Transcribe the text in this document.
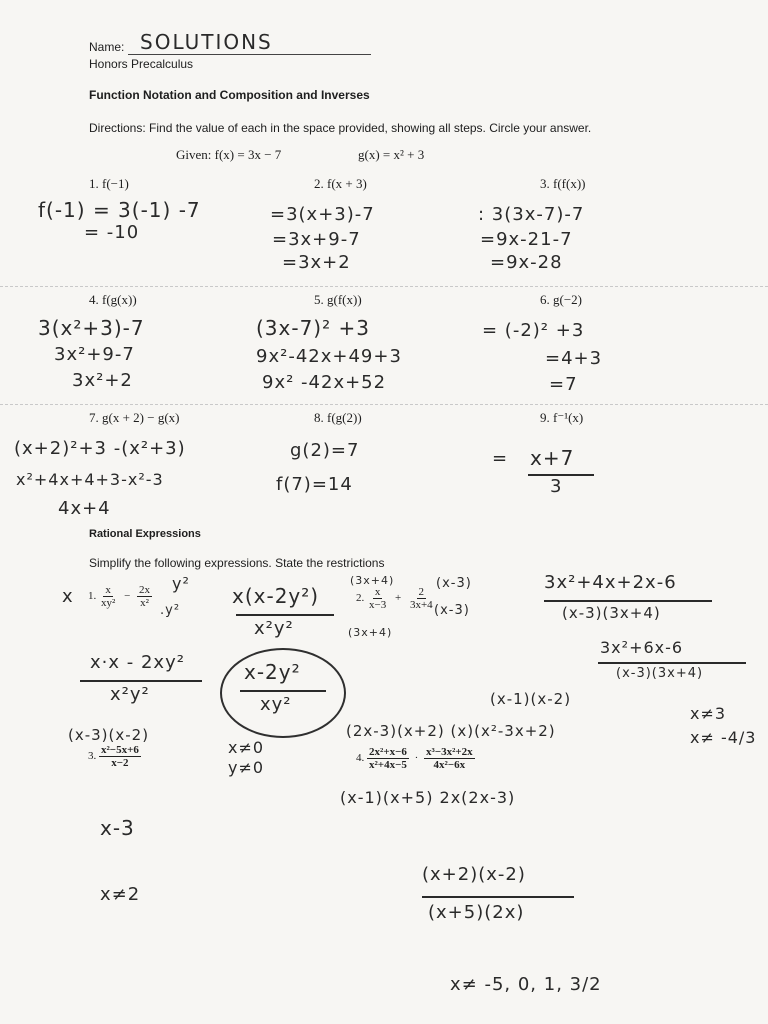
Name: SOLUTIONS
Honors Precalculus
Function Notation and Composition and Inverses
Directions: Find the value of each in the space provided, showing all steps. Circle your answer.
Given: f(x) = 3x − 7	g(x) = x² + 3
1. f(−1)	2. f(x + 3)	3. f(f(x))
f(-1) = 3(-1) -7
= -10
=3(x+3)-7
=3x+9-7
=3x+2
: 3(3x-7)-7
=9x-21-7
=9x-28
4. f(g(x))	5. g(f(x))	6. g(−2)
3(x²+3)-7
3x²+9-7
3x²+2
(3x-7)² +3
9x²-42x+49+3
9x² -42x+52
= (-2)² +3
=4+3
=7
7. g(x + 2) − g(x)	8. f(g(2))	9. f⁻¹(x)
(x+2)²+3 -(x²+3)
x²+4x+4+3-x²-3
4x+4
g(2)=7
f(7)=14
= x+7
3
Rational Expressions
Simplify the following expressions. State the restrictions
x
y²
1. $\frac{x}{\text{xy²}} - \frac{2x}{\text{x²}}$
.y²
x(x-2y²)
x²y²
x·x - 2xy²
x²y²
x-2y²
xy²
x≠0
y≠0
(3x+4)	(x-3)
2. $\frac{x}{x-3} + \frac{2}{3x+4} (x-3)$
(3x+4)
3x²+4x+2x-6
(x-3)(3x+4)
3x²+6x-6
(x-3)(3x+4)
x≠3
x≠ -4/3
(x-3)(x-2)
3. $\frac{\text{x²−5x+6}}{x-2}$
x-3
x≠2
(x-1)(x-2)
(2x-3)(x+2) (x)(x²-3x+2)
4. $\frac{\text{2x²+x−6}}{\text{x²+4x−5}} \cdot \frac{\text{x³−3x²+2x}}{\text{4x²−6x}}$
(x-1)(x+5) 2x(2x-3)
(x+2)(x-2)
(x+5)(2x)
x≠ -5, 0, 1, 3/2
